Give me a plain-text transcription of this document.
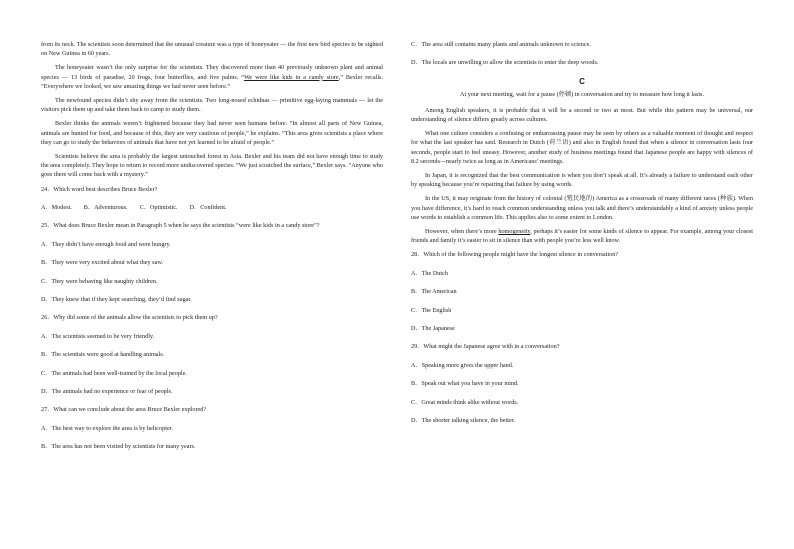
from its neck. The scientists soon determined that the unusual creature was a type of honeyeater — the first new bird species to be sighted on New Guinea in 60 years.

The honeyeater wasn’t the only surprise for the scientists. They discovered more than 40 previously unknown plant and animal species — 13 birds of paradise, 20 frogs, four butterflies, and five palms. “We were like kids in a candy store,” Bexler recalls. “Everywhere we looked, we saw amazing things we had never seen before.”

The newfound species didn’t shy away from the scientists. Two long-nosed echidnas — primitive egg-laying mammals — let the visitors pick them up and take them back to camp to study them.

Bexler thinks the animals weren’t frightened because they had never seen humans before. “In almost all parts of New Guinea, animals are hunted for food, and because of this, they are very cautious of people,” he explains. “This area gives scientists a place where they can go to study the behaviors of animals that have not yet learned to be afraid of people.”

Scientists believe the area is probably the largest untouched forest in Asia. Bexler and his team did not have enough time to study the area completely. They hope to return to record more undiscovered species. “We just scratched the surface,” Bexler says. “Anyone who goes there will come back with a mystery.”

24．Which word best describes Bruce Bexler?
A．Modest. B．Adventurous. C．Optimistic. D．Confident.
25．What does Bruce Bexler mean in Paragraph 5 when he says the scientists “were like kids in a candy store”?
A．They didn’t have enough food and were hungry.
B．They were very excited about what they saw.
C．They were behaving like naughty children.
D．They knew that if they kept searching, they’d find sugar.
26．Why did some of the animals allow the scientists to pick them up?
A．The scientists seemed to be very friendly.
B．The scientists were good at handling animals.
C．The animals had been well-trained by the local people.
D．The animals had no experience or fear of people.
27．What can we conclude about the area Bruce Bexler explored?
A．The best way to explore the area is by helicopter.
B．The area has not been visited by scientists for many years.
C．The area still contains many plants and animals unknown to science.
D．The locals are unwilling to allow the scientists to enter the deep woods.
C
At your next meeting, wait for a pause (停顿) in conversation and try to measure how long it lasts.

Among English speakers, it is probable that it will be a second or two at most. But while this pattern may be universal, our understanding of silence differs greatly across cultures.

What one culture considers a confusing or embarrassing pause may be seen by others as a valuable moment of thought and respect for what the last speaker has said. Research in Dutch (荷兰语) and also in English found that when a silence in conversation lasts four seconds, people start to feel uneasy. However, another study of business meetings found that Japanese people are happy with silences of 8.2 seconds—nearly twice as long as in Americans’ meetings.

In Japan, it is recognized that the best communication is when you don’t speak at all. It’s already a failure to understand each other by speaking because you’re repairing that failure by using words.

In the US, it may originate from the history of colonial (殖民地的) America as a crossroads of many different races (种族). When you have difference, it’s hard to reach common understanding unless you talk and there’s understandably a kind of anxiety unless people use words to establish a common life. This applies also to some extent to London.

However, when there’s more homogeneity, perhaps it’s easier for some kinds of silence to appear. For example, among your closest friends and family it’s easier to sit in silence than with people you’re less well know.

28．Which of the following people might have the longest silence in conversation?
A．The Dutch
B．The American
C．The English
D．The Japanese
29．What might the Japanese agree with in a conversation?
A．Speaking more gives the upper hand.
B．Speak out what you have in your mind.
C．Great minds think alike without words.
D．The shorter talking silence, the better.
